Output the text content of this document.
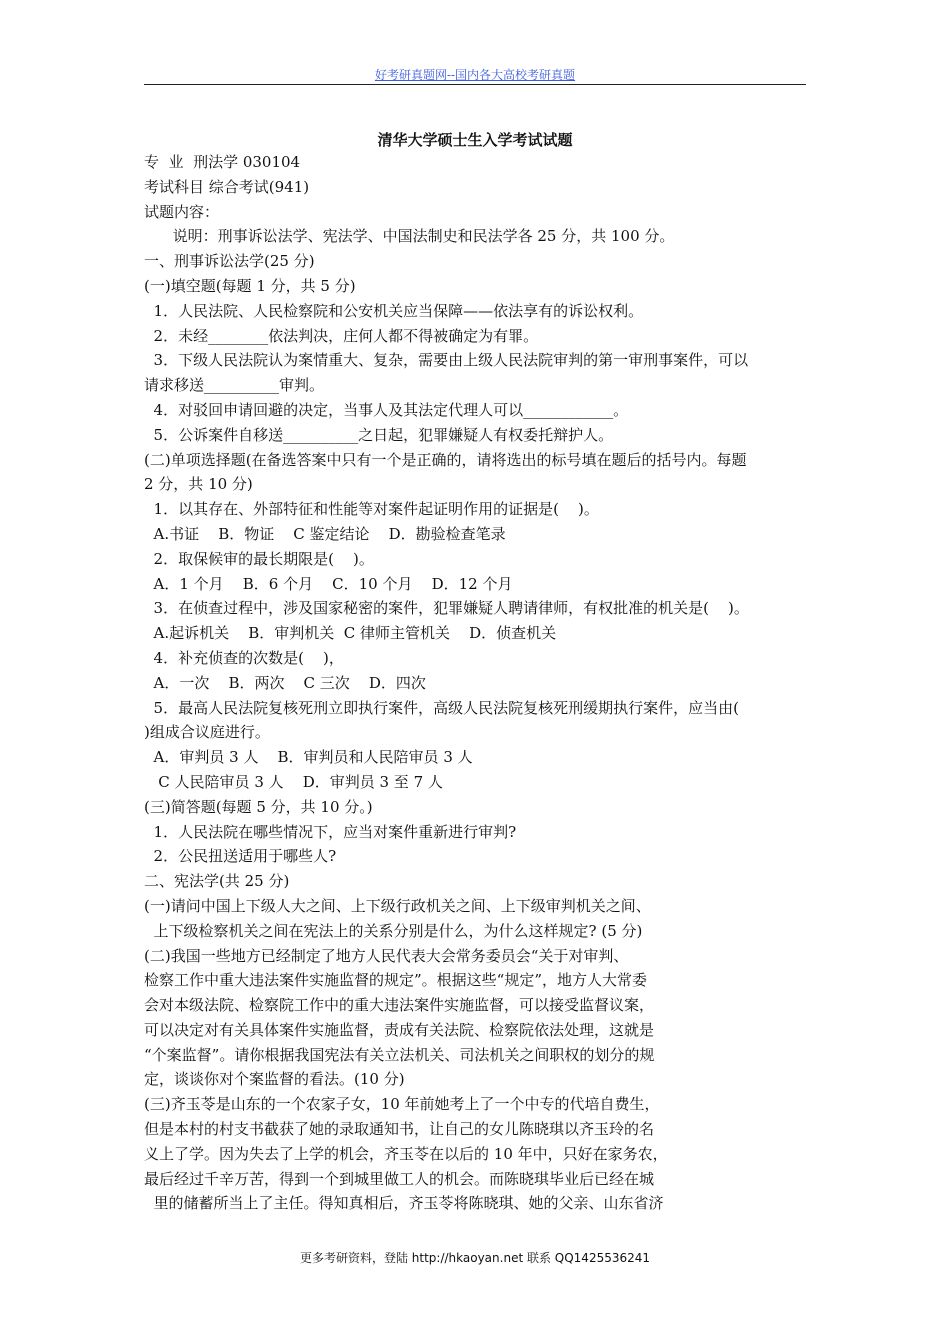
好考研真题网--国内各大高校考研真题
清华大学硕士生入学考试试题
专  业  刑法学 030104
考试科目 综合考试(941)
试题内容：
说明：刑事诉讼法学、宪法学、中国法制史和民法学各 25 分，共 100 分。
一、刑事诉讼法学(25 分)
(一)填空题(每题 1 分，共 5 分)
1．人民法院、人民检察院和公安机关应当保障——依法享有的诉讼权利。
2．未经________依法判决，庄何人都不得被确定为有罪。
3．下级人民法院认为案情重大、复杂，需要由上级人民法院审判的第一审刑事案件，可以
请求移送__________审判。
4．对驳回申请回避的决定，当事人及其法定代理人可以____________。
5．公诉案件自移送__________之日起，犯罪嫌疑人有权委托辩护人。
(二)单项选择题(在备选答案中只有一个是正确的，请将选出的标号填在题后的括号内。每题
2 分，共 10 分)
1．以其存在、外部特征和性能等对案件起证明作用的证据是(    )。
A.书证    B．物证    C 鉴定结论    D．勘验检查笔录
2．取保候审的最长期限是(    )。
A．1 个月    B．6 个月    C．10 个月    D．12 个月
3．在侦查过程中，涉及国家秘密的案件，犯罪嫌疑人聘请律师，有权批准的机关是(    )。
A.起诉机关    B．审判机关  C 律师主管机关    D．侦查机关
4．补充侦查的次数是(    )，
A．一次    B．两次    C 三次    D．四次
5．最高人民法院复核死刑立即执行案件，高级人民法院复核死刑缓期执行案件，应当由(
)组成合议庭进行。
A．审判员 3 人    B．审判员和人民陪审员 3 人
C 人民陪审员 3 人    D．审判员 3 至 7 人
(三)简答题(每题 5 分，共 10 分。)
1．人民法院在哪些情况下，应当对案件重新进行审判?
2．公民扭送适用于哪些人?
二、宪法学(共 25 分)
(一)请问中国上下级人大之间、上下级行政机关之间、上下级审判机关之间、
上下级检察机关之间在宪法上的关系分别是什么，为什么这样规定? (5 分)
(二)我国一些地方已经制定了地方人民代表大会常务委员会“关于对审判、
检察工作中重大违法案件实施监督的规定”。根据这些“规定”，地方人大常委
会对本级法院、检察院工作中的重大违法案件实施监督，可以接受监督议案，
可以决定对有关具体案件实施监督，责成有关法院、检察院依法处理，这就是
“个案监督”。请你根据我国宪法有关立法机关、司法机关之间职权的划分的规
定，谈谈你对个案监督的看法。(10 分)
(三)齐玉苓是山东的一个农家子女，10 年前她考上了一个中专的代培自费生，
但是本村的村支书截获了她的录取通知书，让自己的女儿陈晓琪以齐玉玲的名
义上了学。因为失去了上学的机会，齐玉苓在以后的 10 年中，只好在家务农，
最后经过千辛万苦，得到一个到城里做工人的机会。而陈晓琪毕业后已经在城
里的储蓄所当上了主任。得知真相后，齐玉苓将陈晓琪、她的父亲、山东省济
更多考研资料，登陆 http://hkaoyan.net 联系 QQ1425536241
